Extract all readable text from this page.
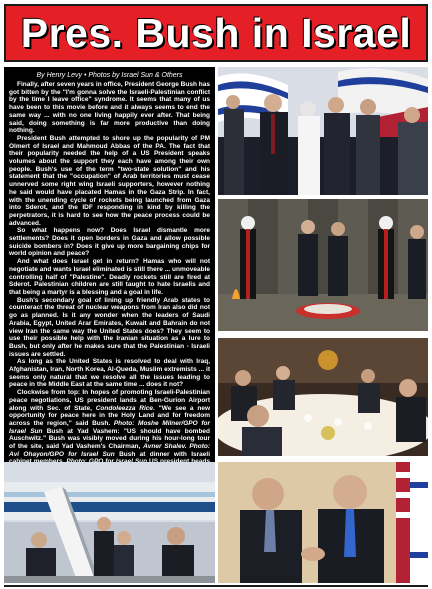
Pres. Bush in Israel
By Henry Levy • Photos by Israel Sun & Others

Finally, after seven years in office, President George Bush has got bitten by the "I'm gonna solve the Israeli-Palestinian conflict by the time I leave office" syndrome. It seems that many of us have been to this movie before and it always seems to end the same way ... with no one living happily ever after. That being said, doing something is far more productive than doing nothing.

President Bush attempted to shore up the popularity of PM Olmert of Israel and Mahmoud Abbas of the PA. The fact that their popularity needed the help of a US President speaks volumes about the support they each have among their own people. Bush's use of the term "two-state solution" and his statement that the "occupation" of Arab territories must cease unnerved some right wing Israeli supporters, however nothing he said would have placated Hamas in the Gaza Strip. In fact, with the unending cycle of rockets being launched from Gaza into Sderot, and the IDF responding in kind by killing the perpetrators, it is hard to see how the peace process could be advanced.

So what happens now? Does Israel dismantle more settlements? Does it open borders in Gaza and allow possible suicide bombers in? Does it give up more bargaining chips for world opinion and peace?

And what does Israel get in return? Hamas who will not negotiate and wants Israel eliminated is still there ... unmoveable controlling half of "Palestine". Deadly rockets still are fired at Sderot. Palestinian children are still taught to hate Israelis and that being a martyr is a blessing and a goal in life.

Bush's secondary goal of lining up friendly Arab states to counteract the threat of nuclear weapons from Iran also did not go as planned. Is it any wonder when the leaders of Saudi Arabia, Egypt, United Arar Emirates, Kuwait and Bahrain do not view Iran the same way the United States does? They seem to use their possible help with the Iranian situation as a lure to Bush, but only after he makes sure that the Palestinian - Israeli issues are settled.

As long as the United States is resolved to deal with Iraq, Afghanistan, Iran, North Korea, Al-Queda, Muslim extremists ... it seems only natural that we resolve all the issues leading to peace in the Middle East at the same time ... does it not?

Clockwise from top: In hopes of promoting Israeli-Palestinian peace negotiations, US president lands at Ben-Gurion Airport along with Sec. of State, Condoleezza Rice. "We see a new opportunity for peace here in the Holy Land and for freedom across the region," said Bush. Photo: Moshe Milner/GPO for Israel Sun Bush at Yad Vashem: "US should have bombed Auschwitz." Bush was visibly moved during his hour-long tour of the site, said Yad Vashem's Chairman, Avner Shalev. Photo: Avi Ohayon/GPO for Israel Sun Bush at dinner with Israeli
